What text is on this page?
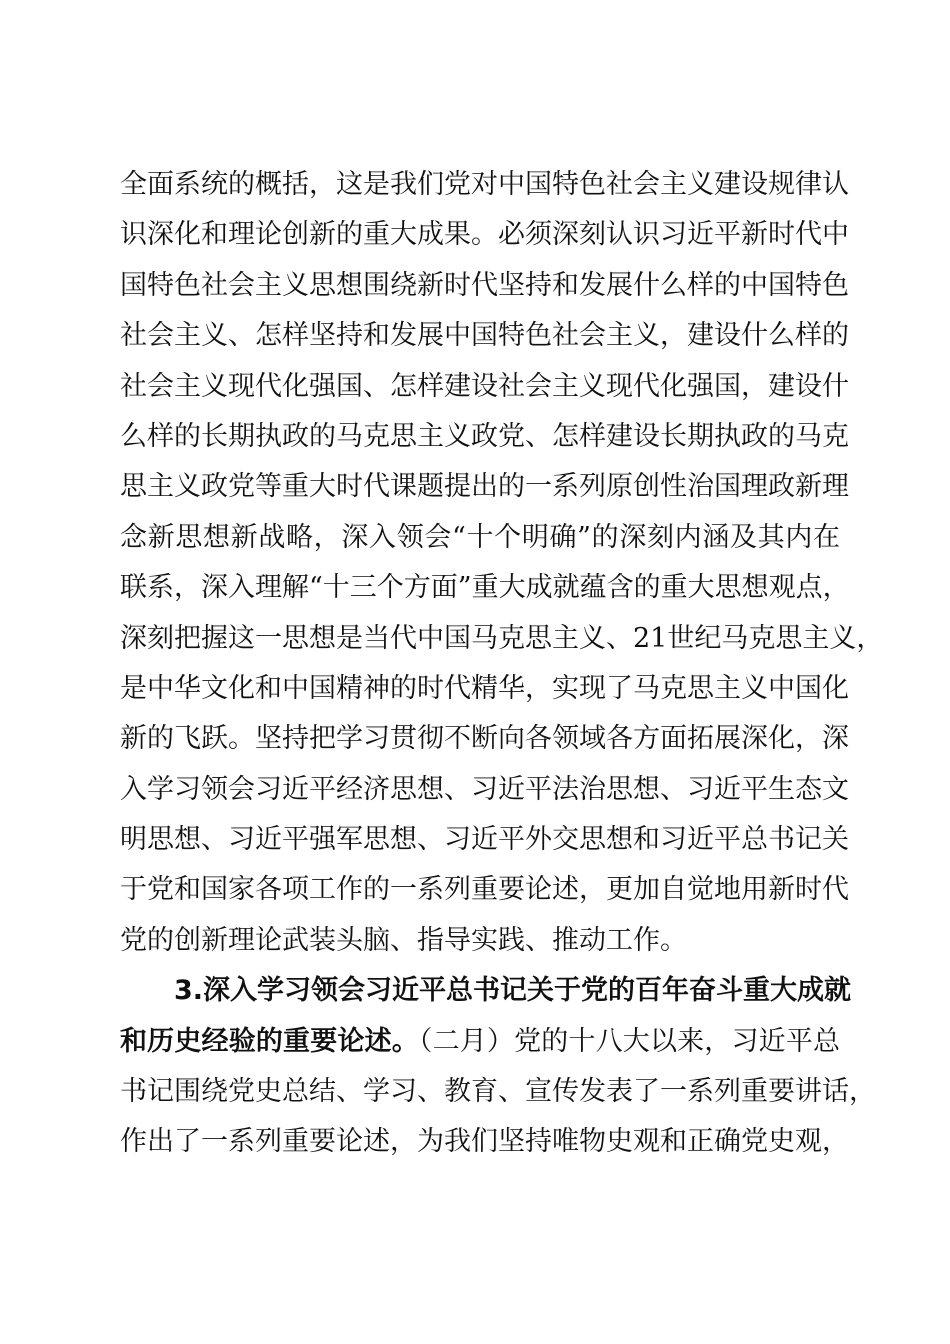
全面系统的概括，这是我们党对中国特色社会主义建设规律认
识深化和理论创新的重大成果。必须深刻认识习近平新时代中
国特色社会主义思想围绕新时代坚持和发展什么样的中国特色
社会主义、怎样坚持和发展中国特色社会主义，建设什么样的
社会主义现代化强国、怎样建设社会主义现代化强国，建设什
么样的长期执政的马克思主义政党、怎样建设长期执政的马克
思主义政党等重大时代课题提出的一系列原创性治国理政新理
念新思想新战略，深入领会“十个明确”的深刻内涵及其内在
联系，深入理解“十三个方面”重大成就蕴含的重大思想观点，
深刻把握这一思想是当代中国马克思主义、21世纪马克思主义，
是中华文化和中国精神的时代精华，实现了马克思主义中国化
新的飞跃。坚持把学习贯彻不断向各领域各方面拓展深化，深
入学习领会习近平经济思想、习近平法治思想、习近平生态文
明思想、习近平强军思想、习近平外交思想和习近平总书记关
于党和国家各项工作的一系列重要论述，更加自觉地用新时代
党的创新理论武装头脑、指导实践、推动工作。
3.深入学习领会习近平总书记关于党的百年奋斗重大成就
和历史经验的重要论述。（二月）党的十八大以来，习近平总
书记围绕党史总结、学习、教育、宣传发表了一系列重要讲话，
作出了一系列重要论述，为我们坚持唯物史观和正确党史观，
